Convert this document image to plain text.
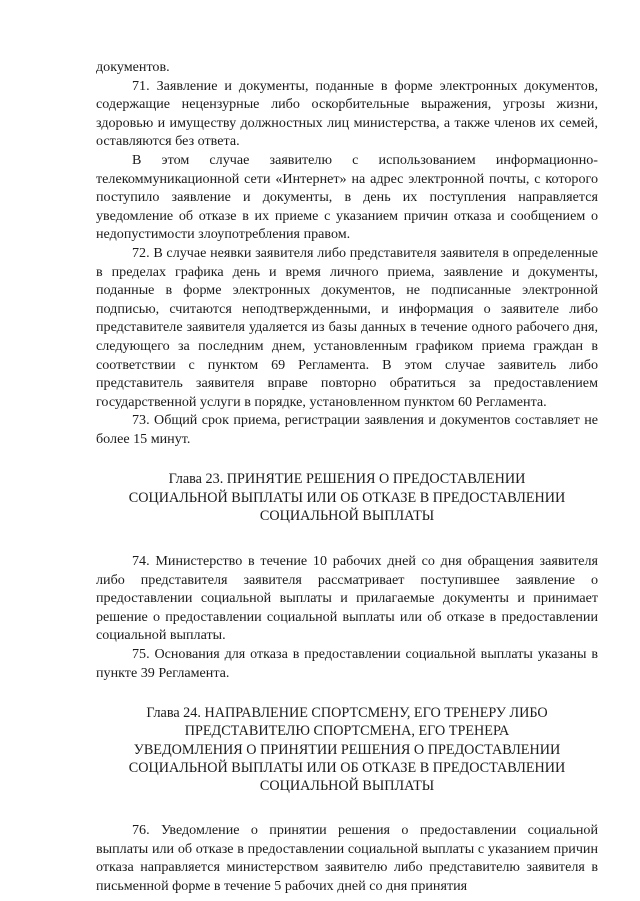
документов.

71. Заявление и документы, поданные в форме электронных документов, содержащие нецензурные либо оскорбительные выражения, угрозы жизни, здоровью и имуществу должностных лиц министерства, а также членов их семей, оставляются без ответа.

В этом случае заявителю с использованием информационно-телекоммуникационной сети «Интернет» на адрес электронной почты, с которого поступило заявление и документы, в день их поступления направляется уведомление об отказе в их приеме с указанием причин отказа и сообщением о недопустимости злоупотребления правом.

72. В случае неявки заявителя либо представителя заявителя в определенные в пределах графика день и время личного приема, заявление и документы, поданные в форме электронных документов, не подписанные электронной подписью, считаются неподтвержденными, и информация о заявителе либо представителе заявителя удаляется из базы данных в течение одного рабочего дня, следующего за последним днем, установленным графиком приема граждан в соответствии с пунктом 69 Регламента. В этом случае заявитель либо представитель заявителя вправе повторно обратиться за предоставлением государственной услуги в порядке, установленном пунктом 60 Регламента.

73. Общий срок приема, регистрации заявления и документов составляет не более 15 минут.

Глава 23. ПРИНЯТИЕ РЕШЕНИЯ О ПРЕДОСТАВЛЕНИИ
СОЦИАЛЬНОЙ ВЫПЛАТЫ ИЛИ ОБ ОТКАЗЕ В ПРЕДОСТАВЛЕНИИ
СОЦИАЛЬНОЙ ВЫПЛАТЫ

74. Министерство в течение 10 рабочих дней со дня обращения заявителя либо представителя заявителя рассматривает поступившее заявление о предоставлении социальной выплаты и прилагаемые документы и принимает решение о предоставлении социальной выплаты или об отказе в предоставлении социальной выплаты.

75. Основания для отказа в предоставлении социальной выплаты указаны в пункте 39 Регламента.

Глава 24. НАПРАВЛЕНИЕ СПОРТСМЕНУ, ЕГО ТРЕНЕРУ ЛИБО
ПРЕДСТАВИТЕЛЮ СПОРТСМЕНА, ЕГО ТРЕНЕРА
УВЕДОМЛЕНИЯ О ПРИНЯТИИ РЕШЕНИЯ О ПРЕДОСТАВЛЕНИИ
СОЦИАЛЬНОЙ ВЫПЛАТЫ ИЛИ ОБ ОТКАЗЕ В ПРЕДОСТАВЛЕНИИ
СОЦИАЛЬНОЙ ВЫПЛАТЫ

76. Уведомление о принятии решения о предоставлении социальной выплаты или об отказе в предоставлении социальной выплаты с указанием причин отказа направляется министерством заявителю либо представителю заявителя в письменной форме в течение 5 рабочих дней со дня принятия
